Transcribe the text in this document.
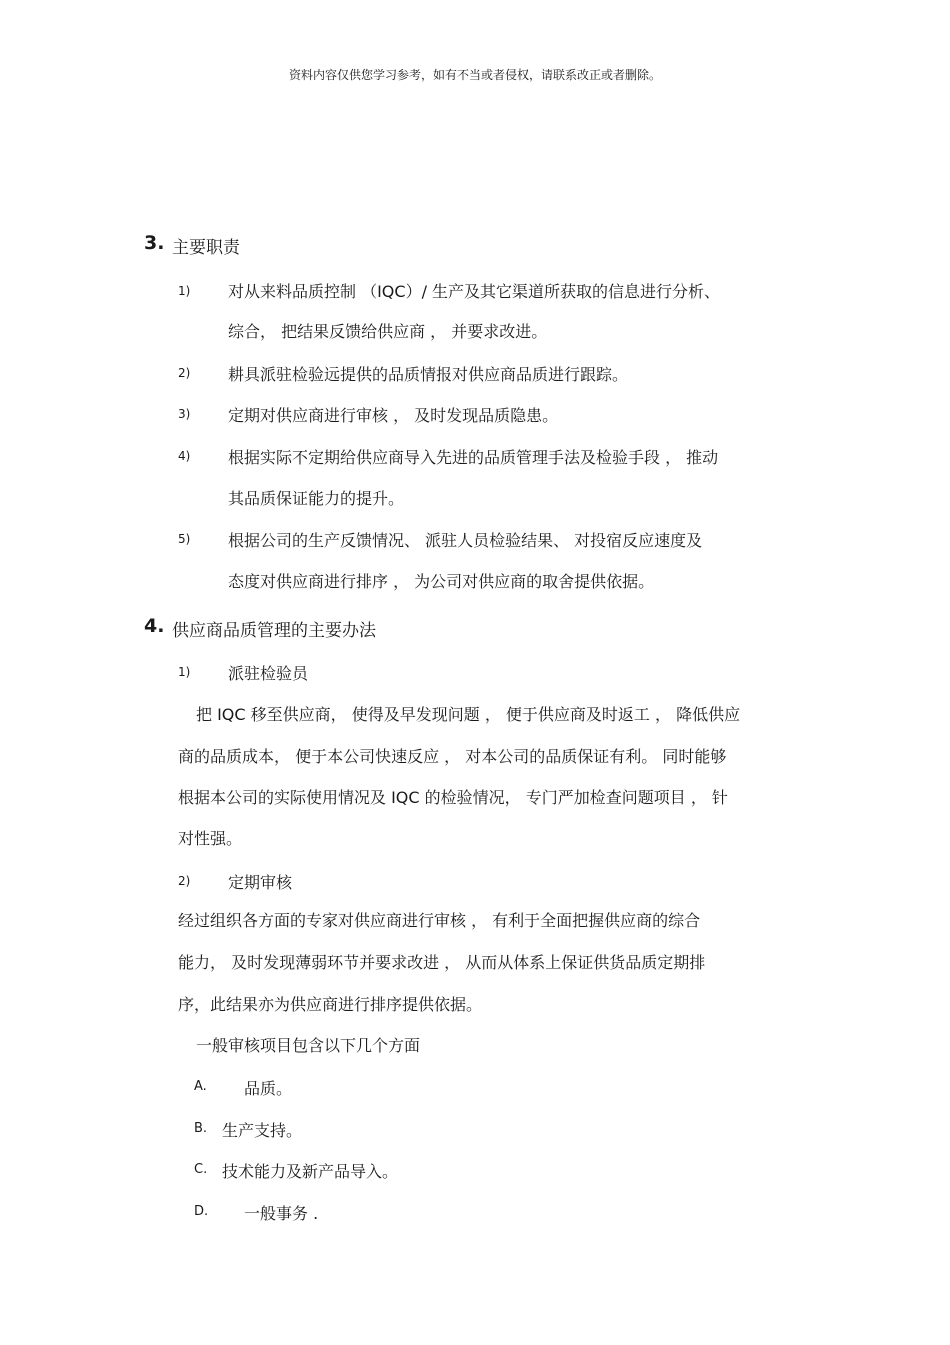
资料内容仅供您学习参考，如有不当或者侵权，请联系改正或者删除。
3. 主要职责
1) 对从来料品质控制 （IQC）/ 生产及其它渠道所获取的信息进行分析、
综合， 把结果反馈给供应商 ， 并要求改进。
2) 耕具派驻检验远提供的品质情报对供应商品质进行跟踪。
3) 定期对供应商进行审核 ， 及时发现品质隐患。
4) 根据实际不定期给供应商导入先进的品质管理手法及检验手段 ， 推动
其品质保证能力的提升。
5) 根据公司的生产反馈情况、 派驻人员检验结果、 对投宿反应速度及
态度对供应商进行排序 ， 为公司对供应商的取舍提供依据。
4. 供应商品质管理的主要办法
1) 派驻检验员
把 IQC 移至供应商， 使得及早发现问题 ， 便于供应商及时返工 ， 降低供应
商的品质成本， 便于本公司快速反应 ， 对本公司的品质保证有利。 同时能够
根据本公司的实际使用情况及 IQC 的检验情况， 专门严加检查问题项目 ， 针
对性强。
2) 定期审核
经过组织各方面的专家对供应商进行审核 ， 有利于全面把握供应商的综合
能力， 及时发现薄弱环节并要求改进 ， 从而从体系上保证供货品质定期排
序，此结果亦为供应商进行排序提供依据。
一般审核项目包含以下几个方面
A. 品质。
B. 生产支持。
C. 技术能力及新产品导入。
D. 一般事务 .
